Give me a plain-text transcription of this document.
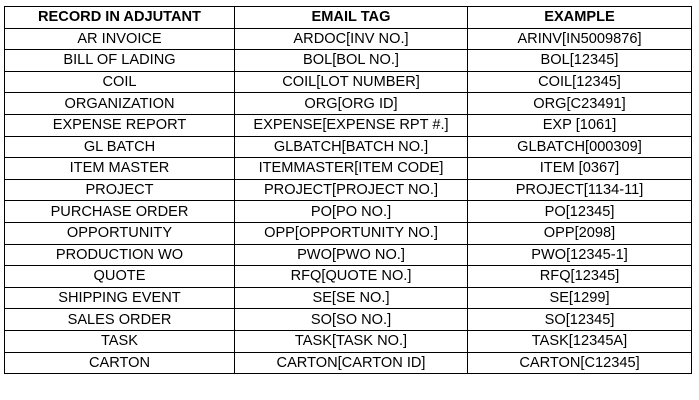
RECORD IN ADJUTANT	EMAIL TAG	EXAMPLE
AR INVOICE	ARDOC[INV NO.]	ARINV[IN5009876]
BILL OF LADING	BOL[BOL NO.]	BOL[12345]
COIL	COIL[LOT NUMBER]	COIL[12345]
ORGANIZATION	ORG[ORG ID]	ORG[C23491]
EXPENSE REPORT	EXPENSE[EXPENSE RPT #.]	EXP [1061]
GL BATCH	GLBATCH[BATCH NO.]	GLBATCH[000309]
ITEM MASTER	ITEMMASTER[ITEM CODE]	ITEM [0367]
PROJECT	PROJECT[PROJECT NO.]	PROJECT[1134-11]
PURCHASE ORDER	PO[PO NO.]	PO[12345]
OPPORTUNITY	OPP[OPPORTUNITY NO.]	OPP[2098]
PRODUCTION WO	PWO[PWO NO.]	PWO[12345-1]
QUOTE	RFQ[QUOTE NO.]	RFQ[12345]
SHIPPING EVENT	SE[SE NO.]	SE[1299]
SALES ORDER	SO[SO NO.]	SO[12345]
TASK	TASK[TASK NO.]	TASK[12345A]
CARTON	CARTON[CARTON ID]	CARTON[C12345]
